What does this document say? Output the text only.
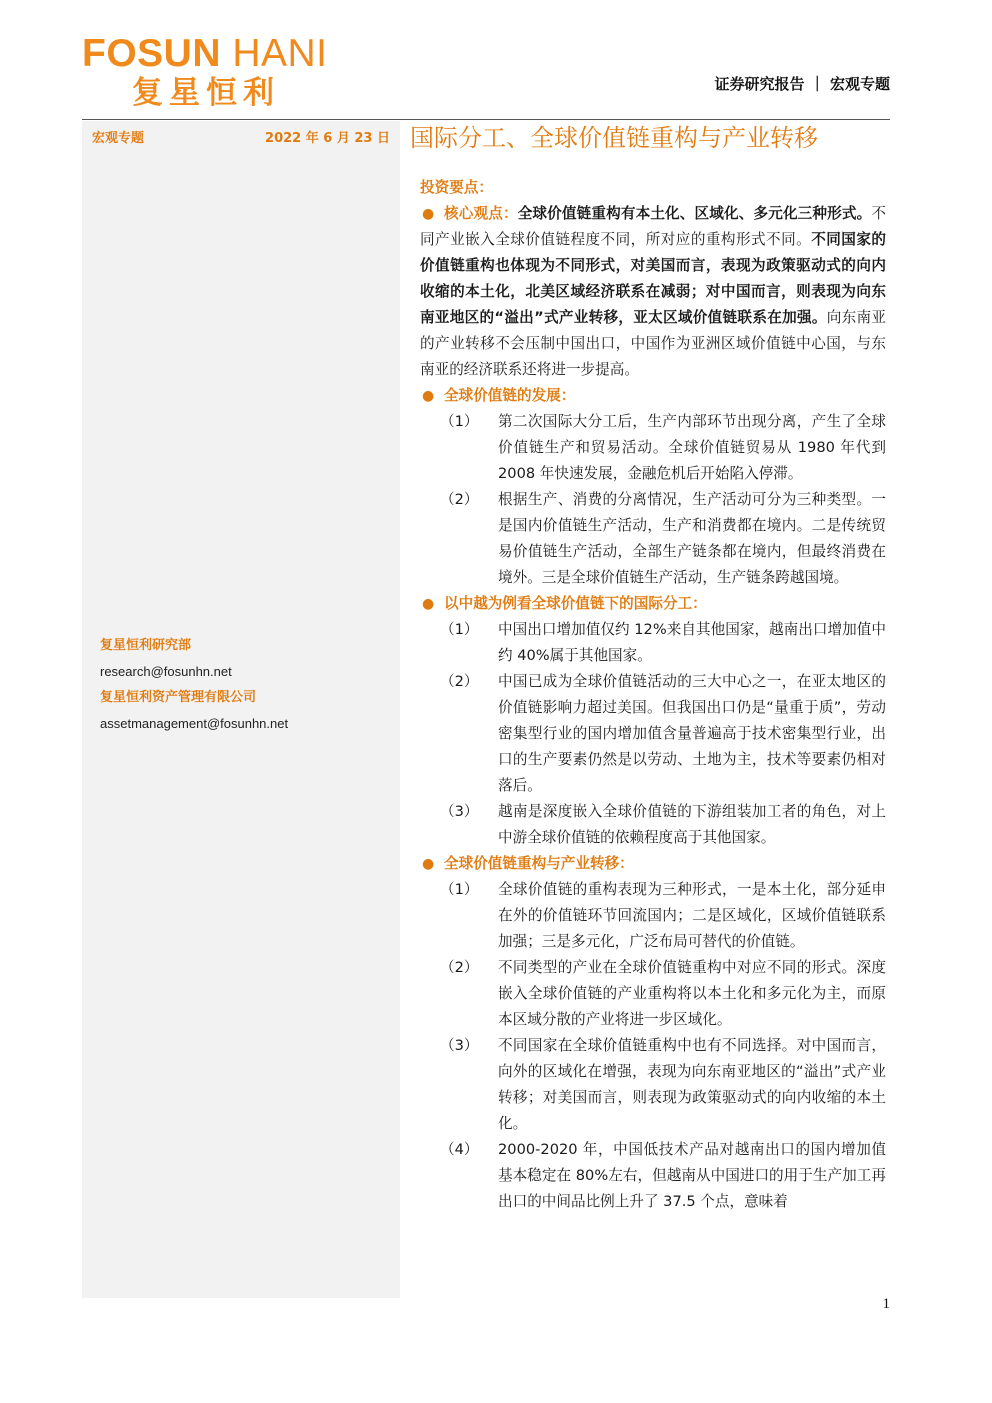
FOSUN HANI
复星恒利	证券研究报告 ｜ 宏观专题
宏观专题	2022 年 6 月 23 日
复星恒利研究部
research@fosunhn.net
复星恒利资产管理有限公司
assetmanagement@fosunhn.net
国际分工、全球价值链重构与产业转移
投资要点：
● 核心观点：全球价值链重构有本土化、区域化、多元化三种形式。不同产业嵌入全球价值链程度不同，所对应的重构形式不同。不同国家的价值链重构也体现为不同形式，对美国而言，表现为政策驱动式的向内收缩的本土化，北美区域经济联系在减弱；对中国而言，则表现为向东南亚地区的“溢出”式产业转移，亚太区域价值链联系在加强。向东南亚的产业转移不会压制中国出口，中国作为亚洲区域价值链中心国，与东南亚的经济联系还将进一步提高。
● 全球价值链的发展：
（1） 第二次国际大分工后，生产内部环节出现分离，产生了全球价值链生产和贸易活动。全球价值链贸易从 1980 年代到 2008 年快速发展，金融危机后开始陷入停滞。
（2） 根据生产、消费的分离情况，生产活动可分为三种类型。一是国内价值链生产活动，生产和消费都在境内。二是传统贸易价值链生产活动，全部生产链条都在境内，但最终消费在境外。三是全球价值链生产活动，生产链条跨越国境。
● 以中越为例看全球价值链下的国际分工：
（1） 中国出口增加值仅约 12%来自其他国家，越南出口增加值中约 40%属于其他国家。
（2） 中国已成为全球价值链活动的三大中心之一，在亚太地区的价值链影响力超过美国。但我国出口仍是“量重于质”，劳动密集型行业的国内增加值含量普遍高于技术密集型行业，出口的生产要素仍然是以劳动、土地为主，技术等要素仍相对落后。
（3） 越南是深度嵌入全球价值链的下游组装加工者的角色，对上中游全球价值链的依赖程度高于其他国家。
● 全球价值链重构与产业转移：
（1） 全球价值链的重构表现为三种形式，一是本土化，部分延申在外的价值链环节回流国内；二是区域化，区域价值链联系加强；三是多元化，广泛布局可替代的价值链。
（2） 不同类型的产业在全球价值链重构中对应不同的形式。深度嵌入全球价值链的产业重构将以本土化和多元化为主，而原本区域分散的产业将进一步区域化。
（3） 不同国家在全球价值链重构中也有不同选择。对中国而言，向外的区域化在增强，表现为向东南亚地区的“溢出”式产业转移；对美国而言，则表现为政策驱动式的向内收缩的本土化。
（4） 2000-2020 年，中国低技术产品对越南出口的国内增加值基本稳定在 80%左右，但越南从中国进口的用于生产加工再出口的中间品比例上升了 37.5 个点，意味着
1
